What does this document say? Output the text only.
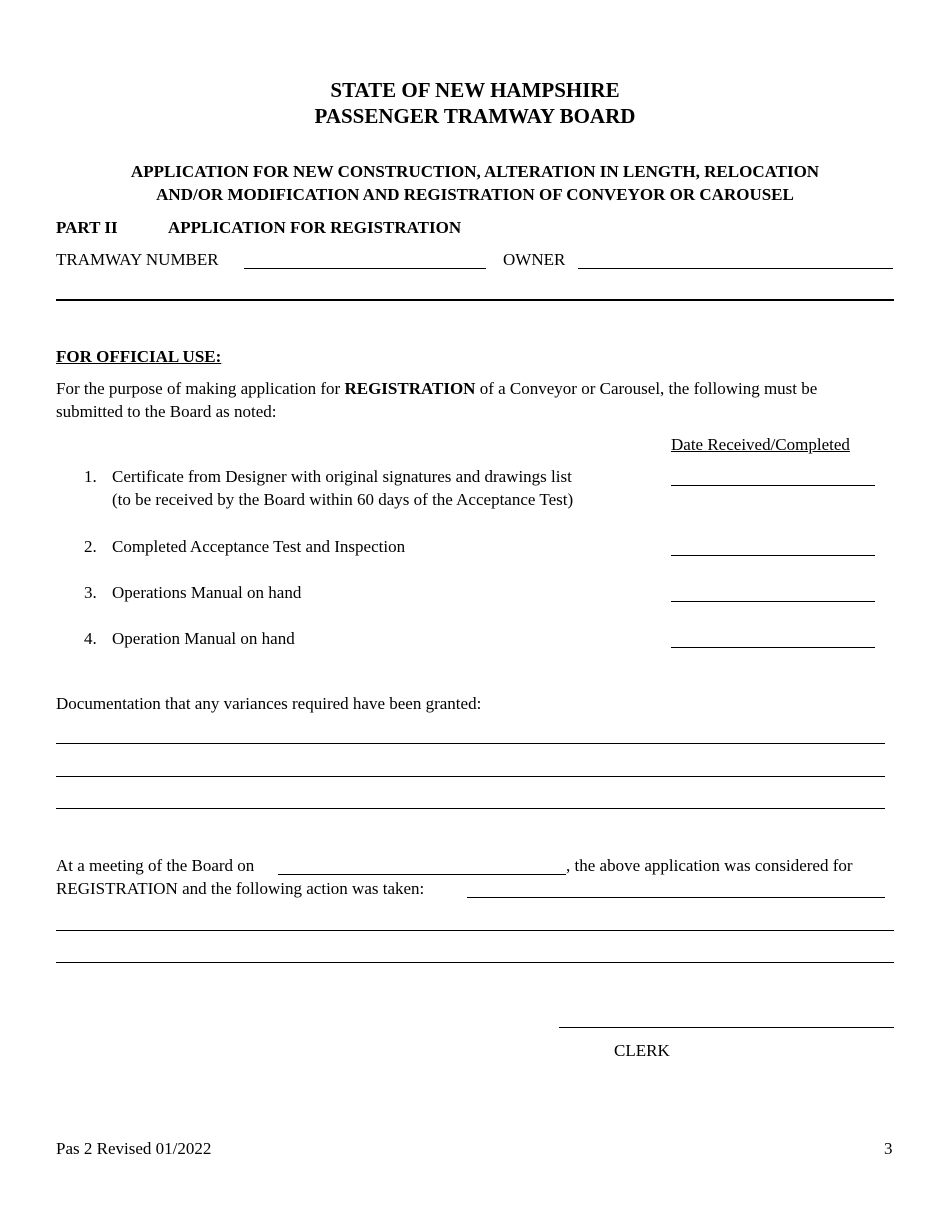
STATE OF NEW HAMPSHIRE
PASSENGER TRAMWAY BOARD
APPLICATION FOR NEW CONSTRUCTION, ALTERATION IN LENGTH, RELOCATION
AND/OR MODIFICATION AND REGISTRATION OF CONVEYOR OR CAROUSEL
PART II	APPLICATION FOR REGISTRATION
TRAMWAY NUMBER	OWNER
FOR OFFICIAL USE:
For the purpose of making application for REGISTRATION of a Conveyor or Carousel, the following must be
submitted to the Board as noted:
Date Received/Completed
1. Certificate from Designer with original signatures and drawings list
(to be received by the Board within 60 days of the Acceptance Test)
2. Completed Acceptance Test and Inspection
3. Operations Manual on hand
4. Operation Manual on hand
Documentation that any variances required have been granted:
At a meeting of the Board on	, the above application was considered for
REGISTRATION and the following action was taken:
CLERK
Pas 2 Revised 01/2022	3
